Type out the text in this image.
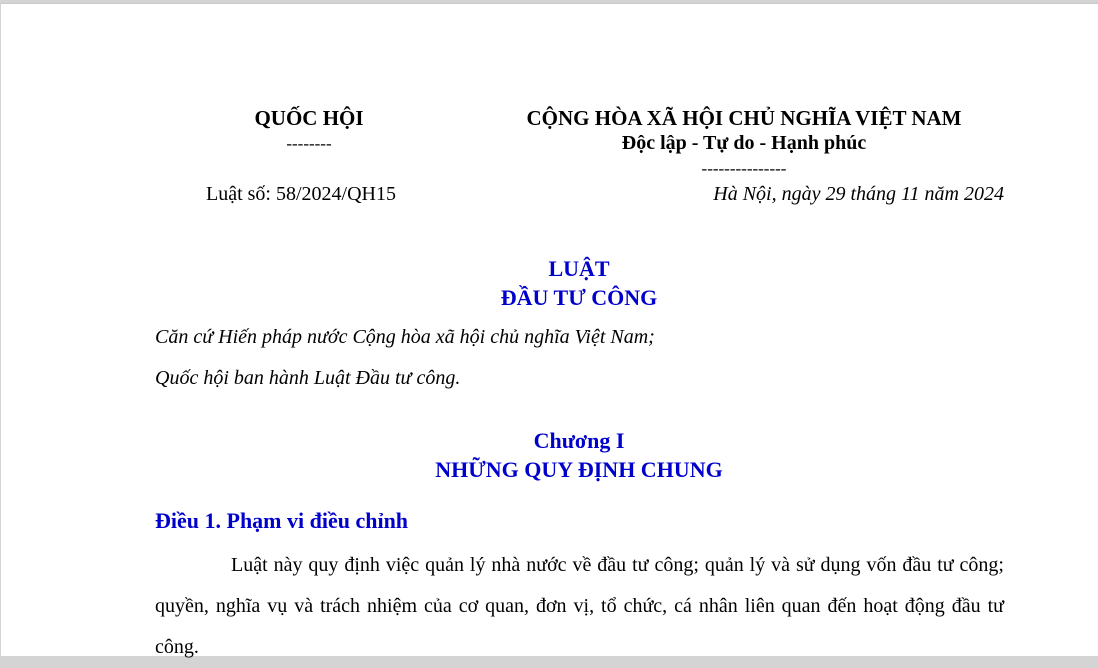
QUỐC HỘI
--------
Luật số: 58/2024/QH15
CỘNG HÒA XÃ HỘI CHỦ NGHĨA VIỆT NAM
Độc lập - Tự do - Hạnh phúc
---------------
Hà Nội, ngày 29 tháng 11 năm 2024
LUẬT
ĐẦU TƯ CÔNG
Căn cứ Hiến pháp nước Cộng hòa xã hội chủ nghĩa Việt Nam;
Quốc hội ban hành Luật Đầu tư công.
Chương I
NHỮNG QUY ĐỊNH CHUNG
Điều 1. Phạm vi điều chỉnh
Luật này quy định việc quản lý nhà nước về đầu tư công; quản lý và sử dụng vốn đầu tư công; quyền, nghĩa vụ và trách nhiệm của cơ quan, đơn vị, tổ chức, cá nhân liên quan đến hoạt động đầu tư công.
